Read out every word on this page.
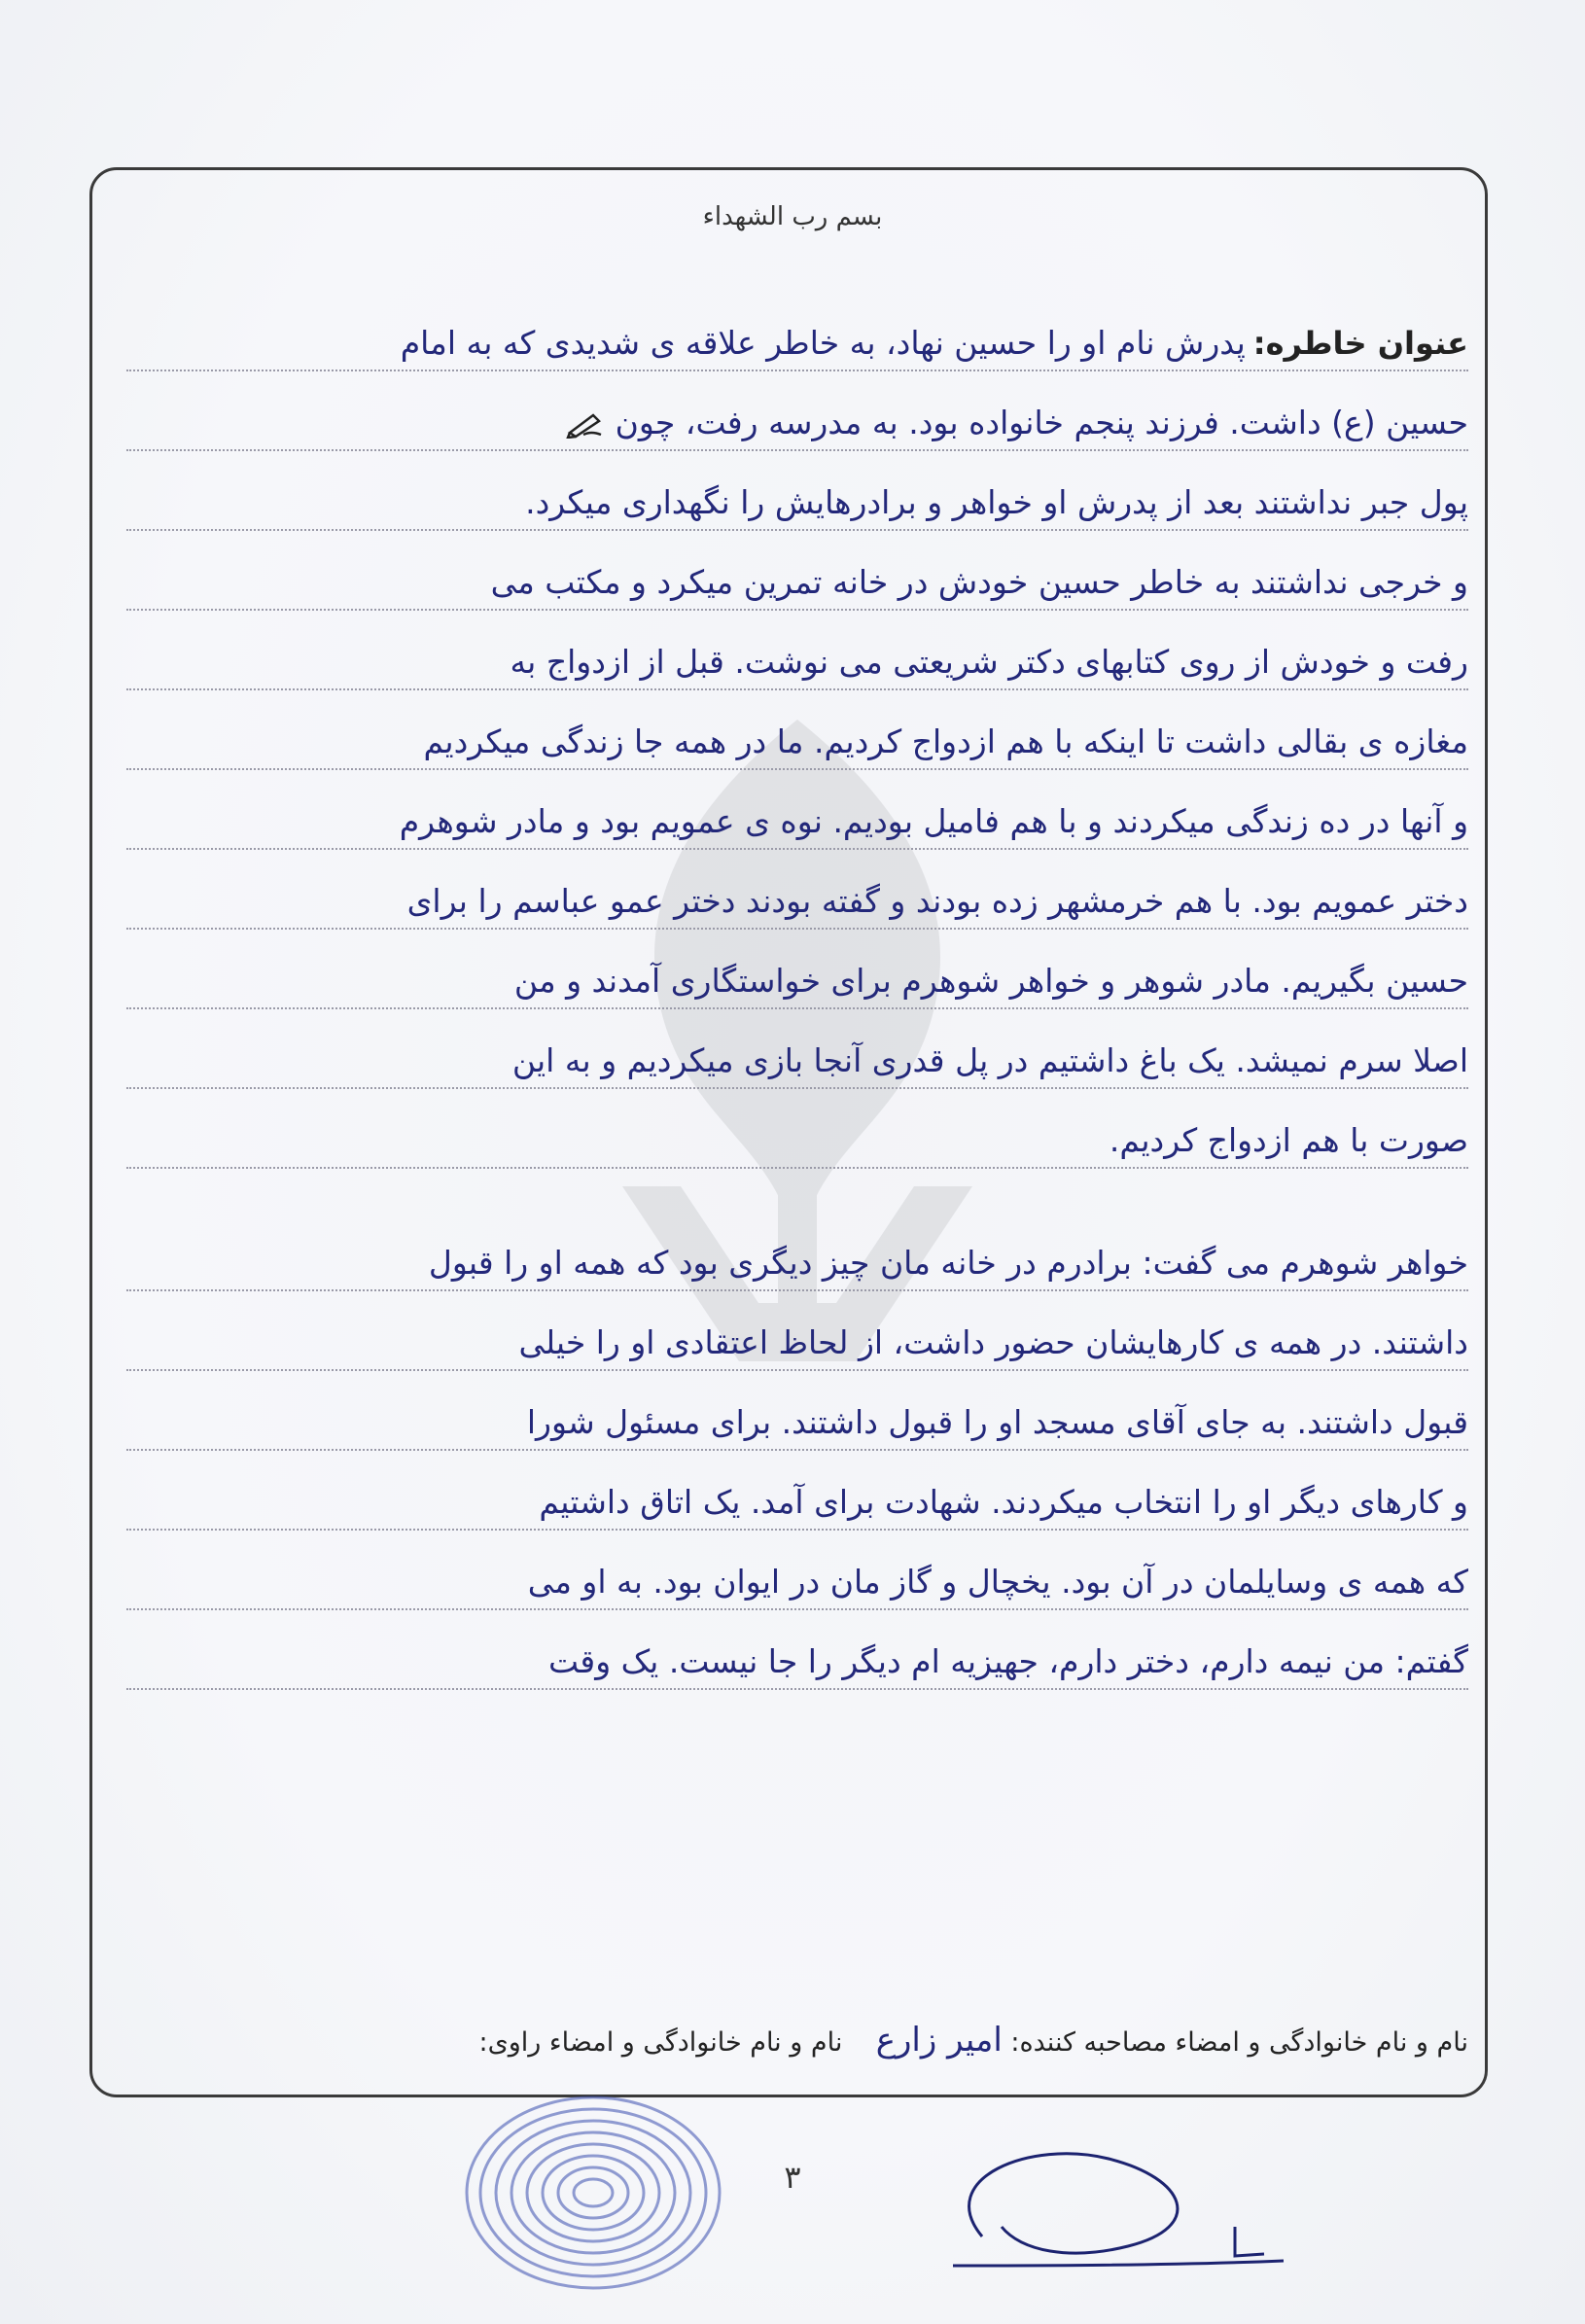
بسم رب الشهداء
عنوان خاطره:پدرش نام او را حسین نهاد، به خاطر علاقه ی شدیدی که به امام
حسین (ع) داشت. فرزند پنجم خانواده بود. به مدرسه رفت، چون
پول جبر نداشتند بعد از پدرش او خواهر و برادرهایش را نگهداری میکرد.
و خرجی نداشتند به خاطر حسین خودش در خانه تمرین میکرد و مکتب می
رفت و خودش از روی کتابهای دکتر شریعتی می نوشت. قبل از ازدواج به
مغازه ی بقالی داشت تا اینکه با هم ازدواج کردیم. ما در همه جا زندگی میکردیم
و آنها در ده زندگی میکردند و با هم فامیل بودیم. نوه ی عمویم بود و مادر شوهرم
دختر عمویم بود. با هم خرمشهر زده بودند و گفته بودند دختر عمو عباسم را برای
حسین بگیریم. مادر شوهر و خواهر شوهرم برای خواستگاری آمدند و من
اصلا سرم نمیشد. یک باغ داشتیم در پل قدری آنجا بازی میکردیم و به این
صورت با هم ازدواج کردیم.
خواهر شوهرم می گفت: برادرم در خانه مان چیز دیگری بود که همه او را قبول
داشتند. در همه ی کارهایشان حضور داشت، از لحاظ اعتقادی او را خیلی
قبول داشتند. به جای آقای مسجد او را قبول داشتند. برای مسئول شورا
و کارهای دیگر او را انتخاب میکردند. شهادت برای آمد. یک اتاق داشتیم
که همه ی وسایلمان در آن بود. یخچال و گاز مان در ایوان بود. به او می
گفتم: من نیمه دارم، دختر دارم، جهیزیه ام دیگر را جا نیست. یک وقت
نام و نام خانوادگی و امضاء مصاحبه کننده: امیر زارع    نام و نام خانوادگی و امضاء راوی:
۳
